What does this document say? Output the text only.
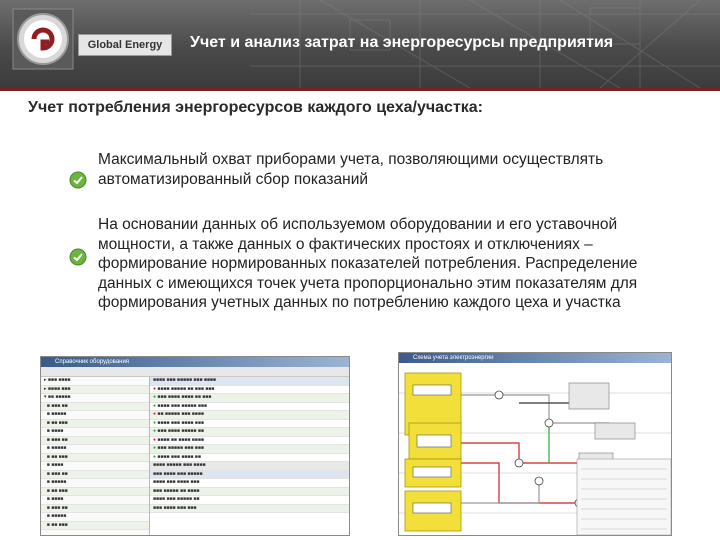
Global Energy	Учет и анализ затрат на энергоресурсы предприятия
Учет потребления энергоресурсов каждого цеха/участка:
Максимальный охват приборами учета, позволяющими осуществлять автоматизированный сбор показаний
На основании данных об используемом оборудовании и его уставочной мощности, а также данных о фактических простоях и отключениях – формирование нормированных показателей потребления. Распределение данных с имеющихся точек учета пропорционально этим показателям для формирования учетных данных по потреблению каждого цеха и участка
Справочник оборудования
▸ ■■■ ■■■■
▸ ■■■■ ■■■
▾ ■■ ■■■■■
■ ■■■ ■■
■ ■■■■■
■ ■■ ■■■
■ ■■■■
■ ■■■ ■■
■ ■■■■■
■ ■■ ■■■
■ ■■■■
■ ■■■ ■■
■ ■■■■■
■ ■■ ■■■
■ ■■■■
■ ■■■ ■■
■ ■■■■■
■ ■■ ■■■
■■■■ ■■■ ■■■■■ ■■■ ■■■■
● ■■■■ ■■■■■ ■■ ■■■ ■■■
● ■■■ ■■■■ ■■■■ ■■ ■■■
● ■■■■ ■■■ ■■■■■ ■■■
● ■■ ■■■■■ ■■■ ■■■■
● ■■■■ ■■■ ■■■■ ■■■
● ■■■ ■■■■ ■■■■■ ■■
● ■■■■ ■■ ■■■■ ■■■■
● ■■■ ■■■■■ ■■■ ■■■
● ■■■■ ■■■ ■■■■ ■■
■■■■ ■■■■■ ■■■ ■■■■
■■■ ■■■■ ■■■ ■■■■■
■■■■ ■■■ ■■■■ ■■■
■■■ ■■■■■ ■■ ■■■■
■■■■ ■■■ ■■■■■ ■■
■■■ ■■■■ ■■■ ■■■
Схема учета электроэнергии
